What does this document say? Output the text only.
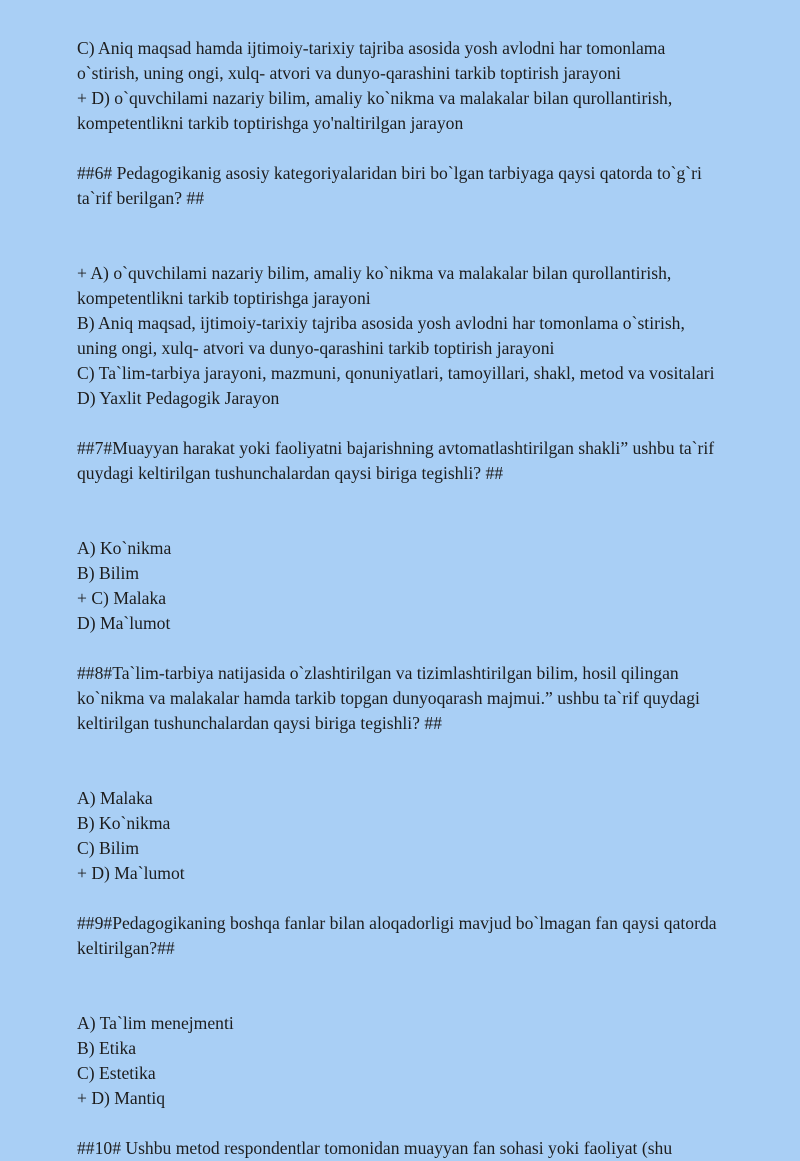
C) Aniq maqsad hamda ijtimoiy-tarixiy tajriba asosida yosh avlodni har tomonlama
o`stirish, uning ongi, xulq- atvori va dunyo-qarashini tarkib toptirish jarayoni
+ D) o`quvchilami nazariy bilim, amaliy ko`nikma va malakalar bilan qurollantirish,
kompetentlikni tarkib toptirishga yo'naltirilgan jarayon
##6# Pedagogikanig asosiy kategoriyalaridan biri bo`lgan tarbiyaga qaysi qatorda to`g`ri
ta`rif berilgan? ##
+ A) o`quvchilami nazariy bilim, amaliy ko`nikma va malakalar bilan qurollantirish,
kompetentlikni tarkib toptirishga jarayoni
B) Aniq maqsad, ijtimoiy-tarixiy tajriba asosida yosh avlodni har tomonlama o`stirish,
uning ongi, xulq- atvori va dunyo-qarashini tarkib toptirish jarayoni
C) Ta`lim-tarbiya jarayoni, mazmuni, qonuniyatlari, tamoyillari, shakl, metod va vositalari
D) Yaxlit Pedagogik Jarayon
##7#Muayyan harakat yoki faoliyatni bajarishning avtomatlashtirilgan shakli” ushbu ta`rif
quydagi keltirilgan tushunchalardan qaysi biriga tegishli? ##
A) Ko`nikma
B) Bilim
+ C) Malaka
D) Ma`lumot
##8#Ta`lim-tarbiya natijasida o`zlashtirilgan va tizimlashtirilgan bilim, hosil qilingan
ko`nikma va malakalar hamda tarkib topgan dunyoqarash majmui.” ushbu ta`rif quydagi
keltirilgan tushunchalardan qaysi biriga tegishli? ##
A) Malaka
B) Ko`nikma
C) Bilim
+ D) Ma`lumot
##9#Pedagogikaning boshqa fanlar bilan aloqadorligi mavjud bo`lmagan fan qaysi qatorda
keltirilgan?##
A) Ta`lim menejmenti
B) Etika
C) Estetika
+ D) Mantiq
##10# Ushbu metod respondentlar tomonidan muayyan fan sohasi yoki faoliyat (shu
